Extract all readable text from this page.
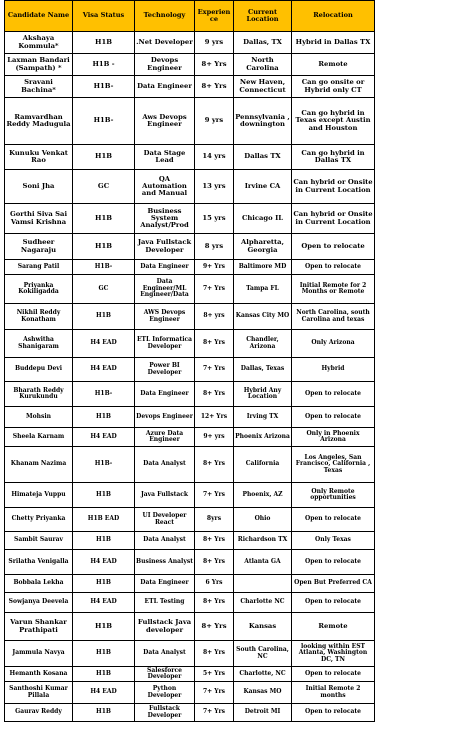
Candidate Name	Visa Status	Technology	Experience	Current Location	Relocation
Akshaya Kommula*	H1B	.Net Developer	9 yrs	Dallas, TX	Hybrid in Dallas TX
Laxman Bandari (Sampath) *	H1B -	Devops Engineer	8+ Yrs	North Carolina	Remote
Sravani Bachina*	H1B-	Data Engineer	8+ Yrs	New Haven, Connecticut	Can go onsite or Hybrid only CT
Ramvardhan Reddy Madugula	H1B-	Aws Devops Engineer	9 yrs	Pennsylvania , downington	Can go hybrid in Texas except Austin and Houston
Kunuku Venkat Rao	H1B	Data Stage Lead	14 yrs	Dallas TX	Can go hybrid in Dallas TX
Soni Jha	GC	QA Automation and Manual	13 yrs	Irvine CA	Can hybrid or Onsite in Current Location
Gorthi Siva Sai Vamsi Krishna	H1B	Business System Analyst/Prod	15 yrs	Chicago IL	Can hybrid or Onsite in Current Location
Sudheer Nagaraju	H1B	Java Fullstack Developer	8 yrs	Alpharetta, Georgia	Open to relocate
Sarang Patil	H1B-	Data Engineer	9+ Yrs	Baltimore MD	Open to relocate
Priyanka Kokiligadda	GC	Data Engineer/ML Engineer/Data	7+ Yrs	Tampa FL	Initial Remote for 2 Months or Remote
Nikhil Reddy Konatham	H1B	AWS Devops Engineer	8+ yrs	Kansas City MO	North Carolina, south Carolina and texas
Ashwitha Shanigaram	H4 EAD	ETL Informatica Developer	8+ Yrs	Chandler, Arizona	Only Arizona
Buddepu Devi	H4 EAD	Power BI Developer	7+ Yrs	Dallas, Texas	Hybrid
Bharath Reddy Kurukundu	H1B-	Data Engineer	8+ Yrs	Hybrid Any Location	Open to relocate
Mohsin	H1B	Devops Engineer	12+ Yrs	Irving TX	Open to relocate
Sheela Karnam	H4 EAD	Azure Data Engineer	9+ yrs	Phoenix Arizona	Only in Phoenix Arizona
Khanam Nazima	H1B-	Data Analyst	8+ Yrs	California	Los Angeles, San Francisco, California , Texas
Himateja Vuppu	H1B	Java Fullstack	7+ Yrs	Phoenix, AZ	Only Remote opportunities
Chetty Priyanka	H1B EAD	UI Developer React	8yrs	Ohio	Open to relocate
Sambit Saurav	H1B	Data Analyst	8+ Yrs	Richardson TX	Only Texas
Srilatha Venigalla	H4 EAD	Business Analyst	8+ Yrs	Atlanta GA	Open to relocate
Bobbala Lekha	H1B	Data Engineer	6 Yrs		Open But Preferred CA
Sowjanya Deevela	H4 EAD	ETL Testing	8+ Yrs	Charlotte NC	Open to relocate
Varun Shankar Prathipati	H1B	Fullstack Java developer	8+ Yrs	Kansas	Remote
Jammula Navya	H1B	Data Analyst	8+ Yrs	South Carolina, NC	looking within EST Atlanta, Washington DC, TN
Hemanth Kosana	H1B	Salesforce Developer	5+ Yrs	Charlotte, NC	Open to relocate
Santhoshi Kumar Pillala	H4 EAD	Python Developer	7+ Yrs	Kansas MO	Initial Remote 2 months
Gaurav Reddy	H1B	Fullstack Developer	7+ Yrs	Detroit MI	Open to relocate
